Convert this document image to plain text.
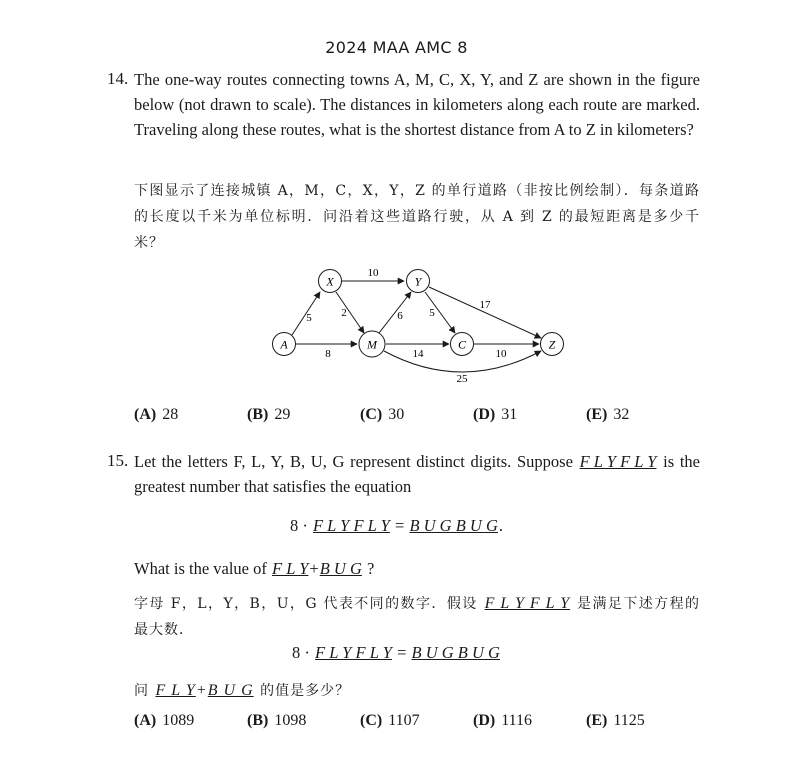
2024 MAA AMC 8
14. The one-way routes connecting towns A, M, C, X, Y, and Z are shown in the figure below (not drawn to scale). The distances in kilometers along each route are marked. Traveling along these routes, what is the shortest distance from A to Z in kilometers?
下图显示了连接城镇 A，M，C，X，Y，Z 的单行道路（非按比例绘制）．每条道路的长度以千米为单位标明．问沿着这些道路行驶，从 A 到 Z 的最短距离是多少千米？
5
8
10
2	6 5
17
14	10
25
A
X
M
Y
C	Z
(A) 28	(B) 29	(C) 30	(D) 31	(E) 32
15. Let the letters F, L, Y, B, U, G represent distinct digits. Suppose F L Y F L Y is the greatest number that satisfies the equation
8 · F L Y F L Y = B U G B U G.
What is the value of F L Y+B U G ?
字母 F，L，Y，B，U，G 代表不同的数字．假设 F L Y F L Y 是满足下述方程的最大数．
8 · F L Y F L Y = B U G B U G
问 F L Y+B U G 的值是多少？
(A) 1089	(B) 1098	(C) 1107	(D) 1116	(E) 1125
